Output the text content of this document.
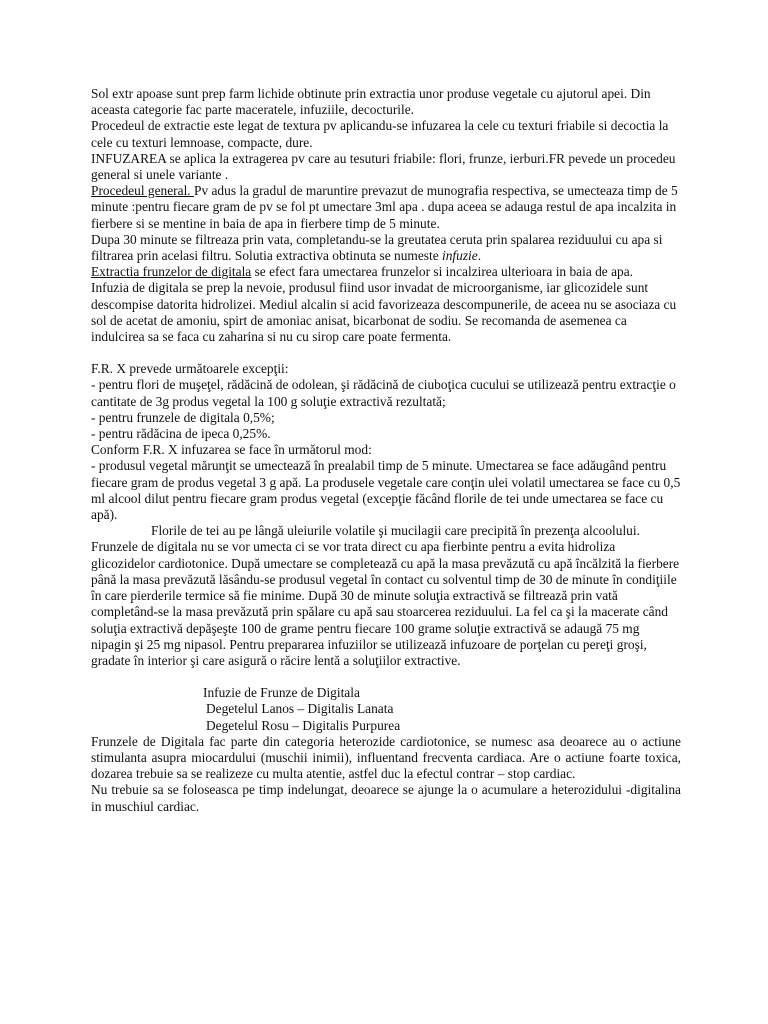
Sol extr apoase sunt prep farm lichide obtinute prin extractia unor produse vegetale cu ajutorul apei. Din aceasta categorie fac parte maceratele, infuziile, decocturile.

Procedeul de extractie este legat de textura pv aplicandu-se infuzarea la cele cu texturi friabile si decoctia la cele cu texturi lemnoase, compacte, dure.

INFUZAREA se aplica la extragerea pv care au tesuturi friabile: flori, frunze, ierburi.FR pevede un procedeu general si unele variante .

Procedeul general. Pv adus la gradul de maruntire prevazut de munografia respectiva, se umecteaza timp de 5 minute :pentru fiecare gram de pv se fol pt umectare 3ml apa . dupa aceea se adauga restul de apa incalzita in fierbere si se mentine in baia de apa in fierbere timp de 5 minute.

Dupa 30 minute se filtreaza prin vata, completandu-se la greutatea ceruta prin spalarea reziduului cu apa si filtrarea prin acelasi filtru. Solutia extractiva obtinuta se numeste infuzie.

Extractia frunzelor de digitala se efect fara umectarea frunzelor si incalzirea ulterioara in baia de apa.

Infuzia de digitala se prep la nevoie, produsul fiind usor invadat de microorganisme, iar glicozidele sunt descompise datorita hidrolizei. Mediul alcalin si acid favorizeaza descompunerile, de aceea nu se asociaza cu sol de acetat de amoniu, spirt de amoniac anisat, bicarbonat de sodiu. Se recomanda de asemenea ca indulcirea sa se faca cu zaharina si nu cu sirop care poate fermenta.

F.R. X prevede următoarele excepţii:

- pentru flori de muşeţel, rădăcină de odolean, şi rădăcină de ciuboţica cucului se utilizează pentru extracţie o cantitate de 3g produs vegetal la 100 g soluţie extractivă rezultată;

- pentru frunzele de digitala 0,5%;

- pentru rădăcina de ipeca 0,25%.

Conform F.R. X infuzarea se face în următorul mod:

- produsul vegetal mărunţit se umectează în prealabil timp de 5 minute. Umectarea se face adăugând pentru fiecare gram de produs vegetal 3 g apă. La produsele vegetale care conţin ulei volatil umectarea se face cu 0,5 ml alcool dilut pentru fiecare gram produs vegetal (excepţie făcând florile de tei unde umectarea se face cu apă).

Florile de tei au pe lângă uleiurile volatile şi mucilagii care precipită în prezenţa alcoolului. Frunzele de digitala nu se vor umecta ci se vor trata direct cu apa fierbinte pentru a evita hidroliza glicozidelor cardiotonice. După umectare se completează cu apă la masa prevăzută cu apă încălzită la fierbere până la masa prevăzută lăsându-se produsul vegetal în contact cu solventul timp de 30 de minute în condiţiile în care pierderile termice să fie minime. După 30 de minute soluţia extractivă se filtrează prin vată completând-se la masa prevăzută prin spălare cu apă sau stoarcerea reziduului. La fel ca şi la macerate când soluţia extractivă depăşeşte 100 de grame pentru fiecare 100 grame soluţie extractivă se adaugă 75 mg nipagin şi 25 mg nipasol. Pentru prepararea infuziilor se utilizează infuzoare de porţelan cu pereţi groşi, gradate în interior şi care asigură o răcire lentă a soluţiilor extractive.

Infuzie de Frunze de Digitala

Degetelul Lanos – Digitalis Lanata

Degetelul Rosu – Digitalis Purpurea

Frunzele de Digitala fac parte din categoria heterozide cardiotonice, se numesc asa deoarece au o actiune stimulanta asupra miocardului (muschii inimii), influentand frecventa cardiaca. Are o actiune foarte toxica, dozarea trebuie sa se realizeze cu multa atentie, astfel duc la efectul contrar – stop cardiac.

Nu trebuie sa se foloseasca pe timp indelungat, deoarece se ajunge la o acumulare a heterozidului -digitalina in muschiul cardiac.
